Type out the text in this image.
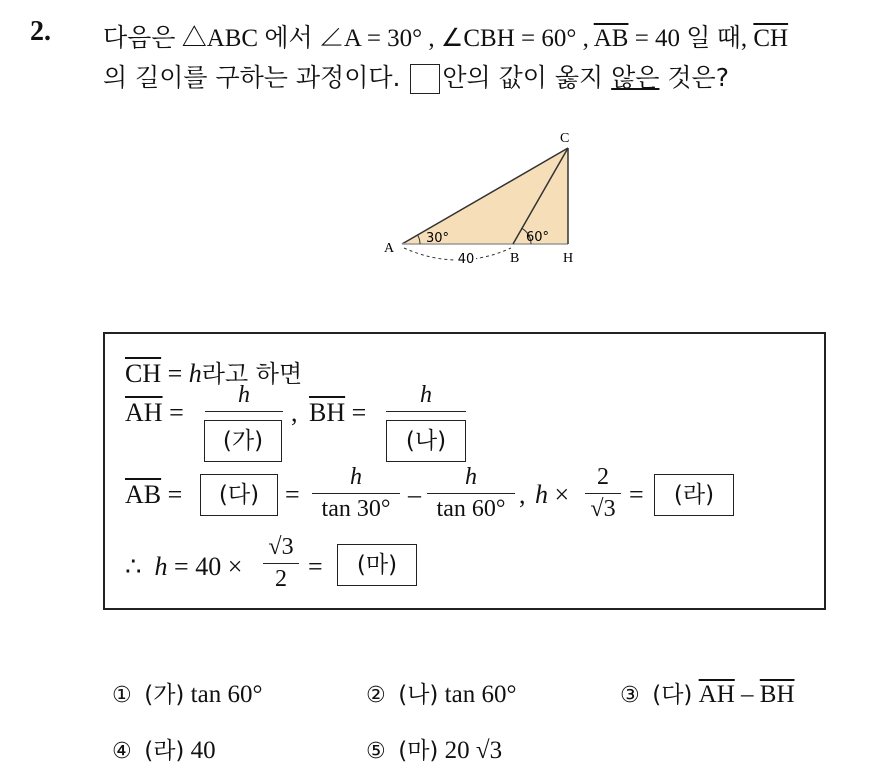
2. 다음은 △ABC 에서 ∠A = 30° , ∠CBH = 60° , $\overline{AB} = 40$ 일 때, $\overline{CH}$
의 길이를 구하는 과정이다. 안의 값이 옳지 않은 것은?
40
30°	60°
A
B
C
H
$\overline{CH} = h$라고 하면
$\overline{AH}$ =
h
(가)
, $\overline{BH}$ =
h
(나)
$\overline{AB}$ =	(다) =
h
tan 30° –
h
tan 60° , h ×
2
√3 =	(라)
∴ h = 40 ×
√3
2 =	(마)
① (가) tan 60°	② (나) tan 60°	③ (다) $\overline{AH} - \overline{BH}$
④ (라) 40	⑤ (마) 20 √3
